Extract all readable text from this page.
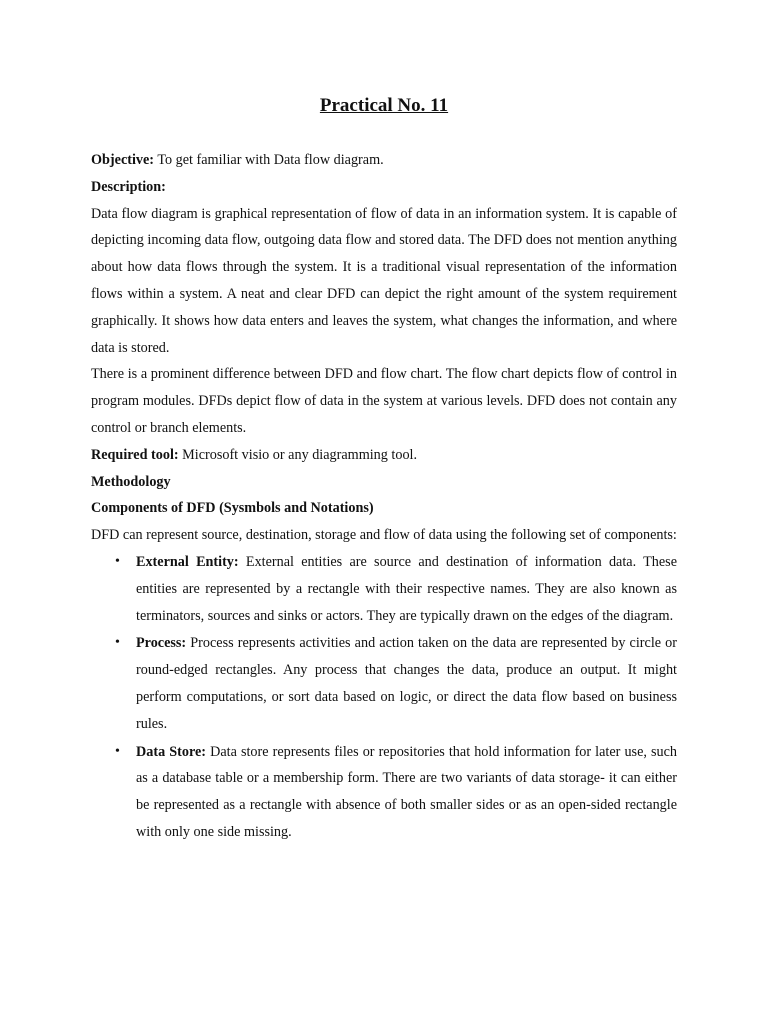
Practical No. 11

Objective: To get familiar with Data flow diagram.

Description:

Data flow diagram is graphical representation of flow of data in an information system. It is capable of depicting incoming data flow, outgoing data flow and stored data. The DFD does not mention anything about how data flows through the system. It is a traditional visual representation of the information flows within a system. A neat and clear DFD can depict the right amount of the system requirement graphically. It shows how data enters and leaves the system, what changes the information, and where data is stored.

There is a prominent difference between DFD and flow chart. The flow chart depicts flow of control in program modules. DFDs depict flow of data in the system at various levels. DFD does not contain any control or branch elements.

Required tool: Microsoft visio or any diagramming tool.

Methodology

Components of DFD (Sysmbols and Notations)

DFD can represent source, destination, storage and flow of data using the following set of components:

• External Entity: External entities are source and destination of information data. These entities are represented by a rectangle with their respective names. They are also known as terminators, sources and sinks or actors. They are typically drawn on the edges of the diagram.
• Process: Process represents activities and action taken on the data are represented by circle or round-edged rectangles. Any process that changes the data, produce an output. It might perform computations, or sort data based on logic, or direct the data flow based on business rules.
• Data Store: Data store represents files or repositories that hold information for later use, such as a database table or a membership form. There are two variants of data storage- it can either be represented as a rectangle with absence of both smaller sides or as an open-sided rectangle with only one side missing.
